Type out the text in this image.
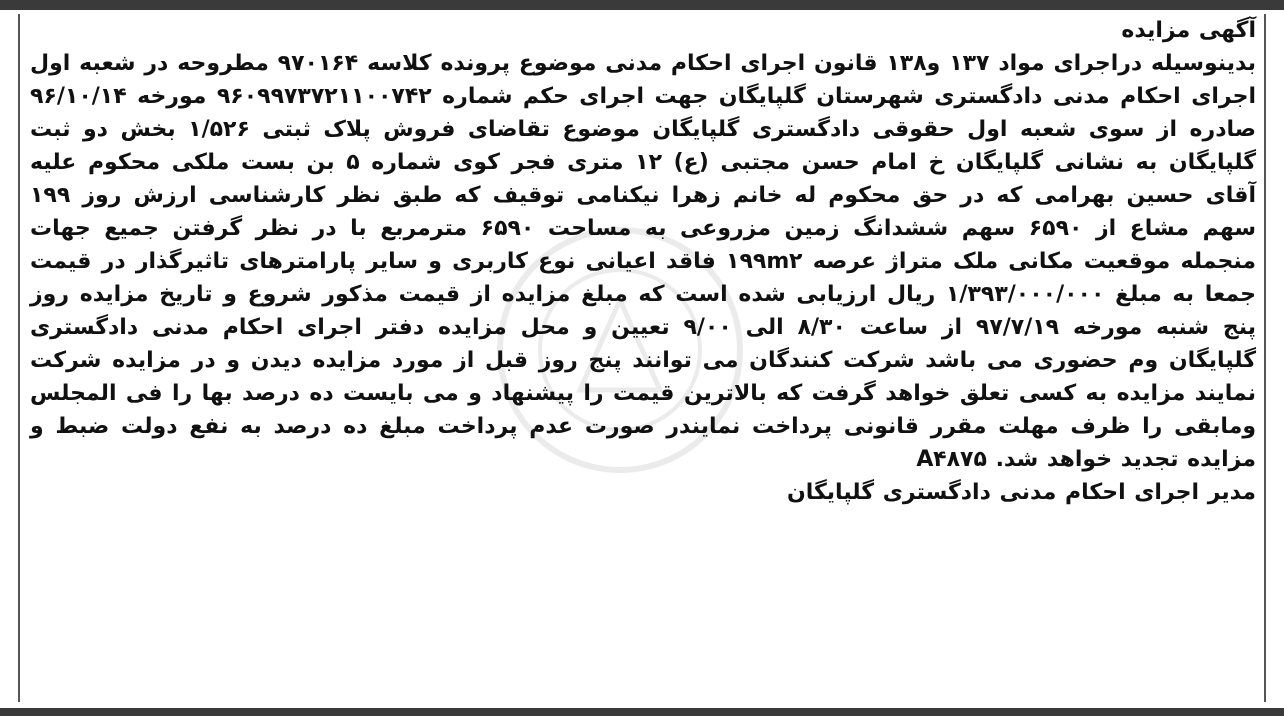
آگهی مزایده
بدینوسیله دراجرای مواد ۱۳۷ و۱۳۸ قانون اجرای احکام مدنی موضوع پرونده کلاسه ۹۷۰۱۶۴ مطروحه در شعبه اول اجرای احکام مدنی دادگستری شهرستان گلپایگان جهت اجرای حکم شماره ۹۶۰۹۹۷۳۷۲۱۱۰۰۷۴۲ مورخه ۹۶/۱۰/۱۴ صادره از سوی شعبه اول حقوقی دادگستری گلپایگان موضوع تقاضای فروش پلاک ثبتی ۱/۵۲۶ بخش دو ثبت گلپایگان به نشانی گلپایگان خ امام حسن مجتبی (ع) ۱۲ متری فجر کوی شماره ۵ بن بست ملکی محکوم علیه آقای حسین بهرامی که در حق محکوم له خانم زهرا نیکنامی توقیف که طبق نظر کارشناسی ارزش روز ۱۹۹ سهم مشاع از ۶۵۹۰ سهم ششدانگ زمین مزروعی به مساحت ۶۵۹۰ مترمربع با در نظر گرفتن جمیع جهات منجمله موقعیت مکانی ملک متراژ عرصه ۱۹۹m۲ فاقد اعیانی نوع کاربری و سایر پارامترهای تاثیرگذار در قیمت جمعا به مبلغ ۱/۳۹۳/۰۰۰/۰۰۰ ریال ارزیابی شده است که مبلغ مزایده از قیمت مذکور شروع و تاریخ مزایده روز پنج شنبه مورخه ۹۷/۷/۱۹ از ساعت ۸/۳۰ الی ۹/۰۰ تعیین و محل مزایده دفتر اجرای احکام مدنی دادگستری گلپایگان وم حضوری می باشد شرکت کنندگان می توانند پنج روز قبل از مورد مزایده دیدن و در مزایده شرکت نمایند مزایده به کسی تعلق خواهد گرفت که بالاترین قیمت را پیشنهاد و می بایست ده درصد بها را فی المجلس ومابقی را ظرف مهلت مقرر قانونی پرداخت نمایندر صورت عدم پرداخت مبلغ ده درصد به نفع دولت ضبط و مزایده تجدید خواهد شد. A۴۸۷۵
مدیر اجرای احکام مدنی دادگستری گلپایگان
